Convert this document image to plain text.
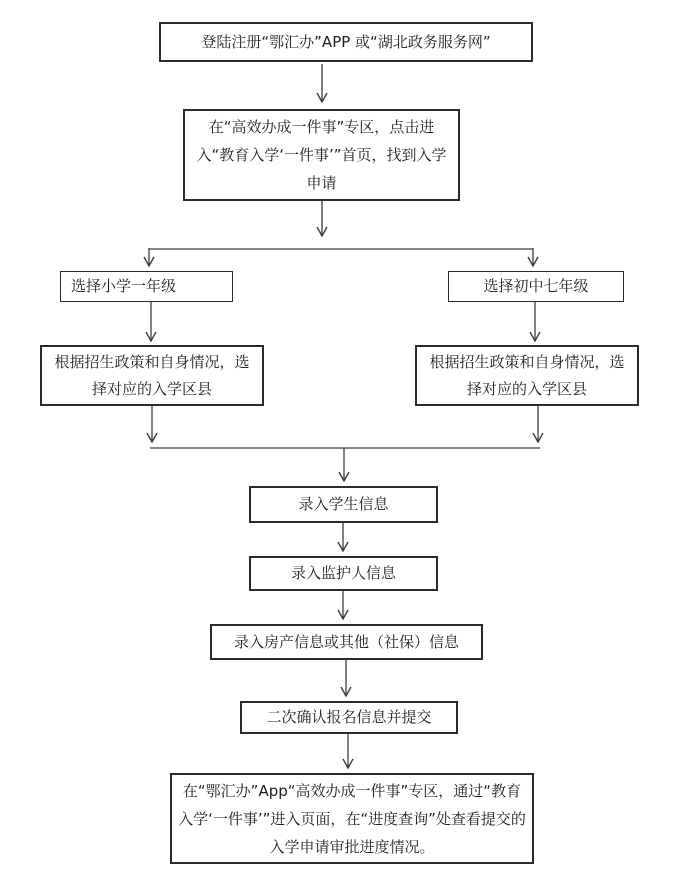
登陆注册“鄂汇办”APP 或“湖北政务服务网”
在“高效办成一件事”专区，点击进入“教育入学‘一件事’”首页，找到入学申请
选择小学一年级	选择初中七年级
根据招生政策和自身情况，选择对应的入学区县
根据招生政策和自身情况，选择对应的入学区县
录入学生信息
录入监护人信息
录入房产信息或其他（社保）信息
二次确认报名信息并提交
在“鄂汇办”App“高效办成一件事”专区，通过“教育入学‘一件事’”进入页面，在“进度查询”处查看提交的入学申请审批进度情况。
